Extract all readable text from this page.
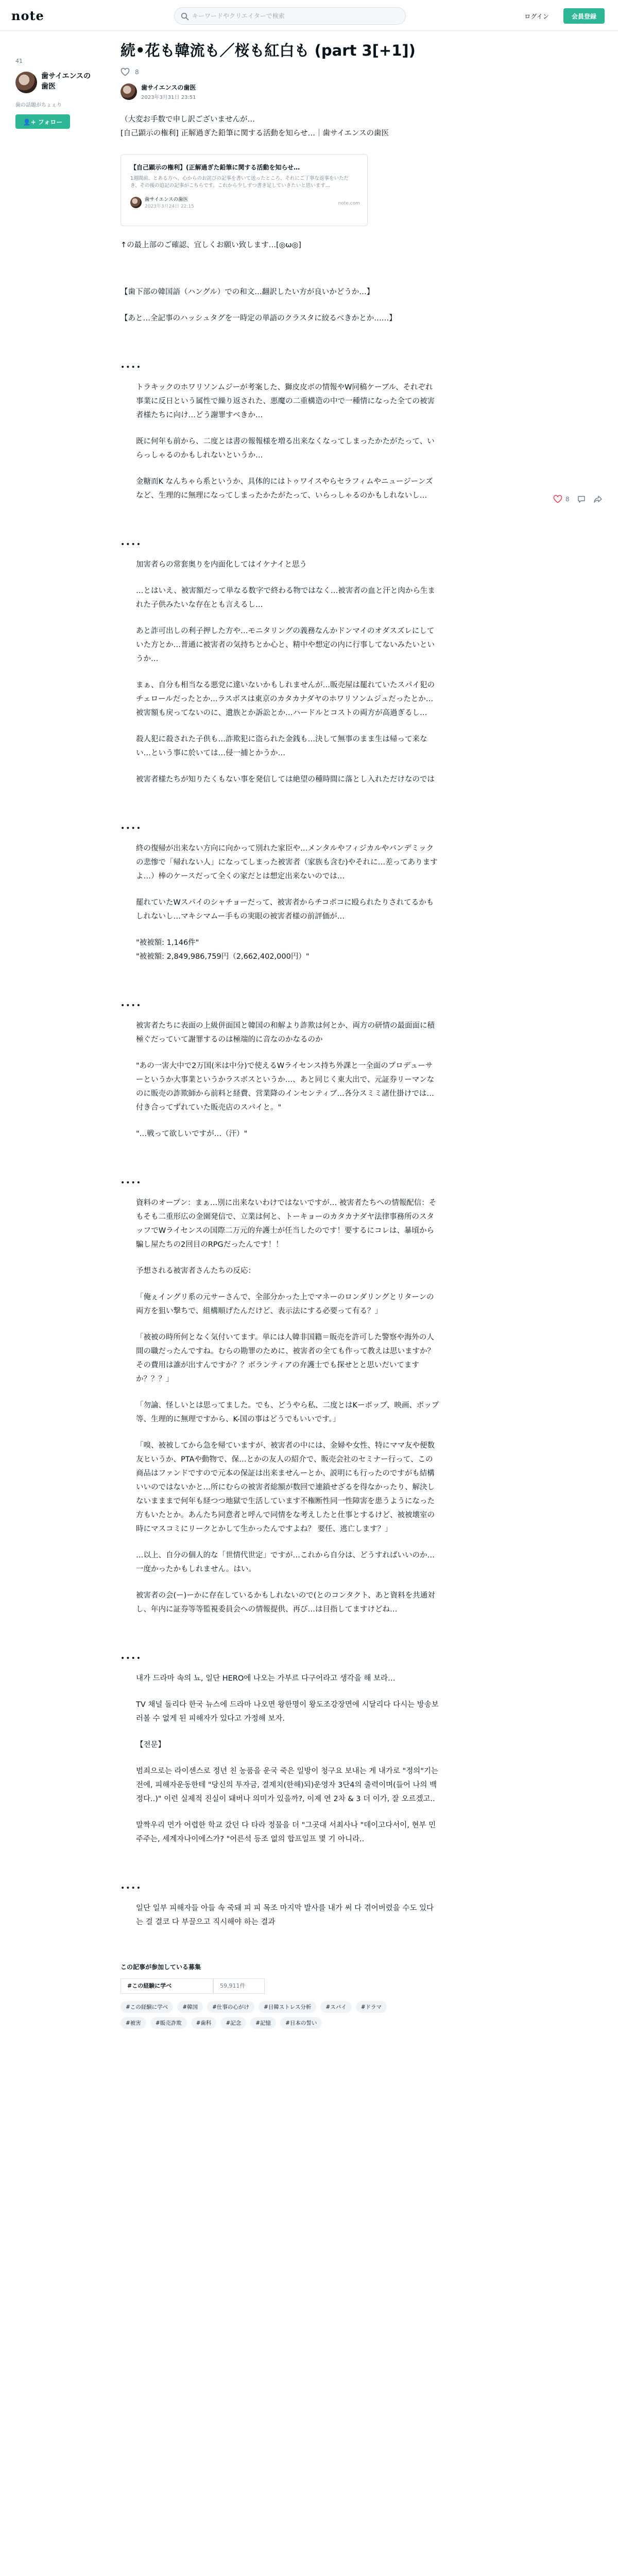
note
キーワードやクリエイターで検索	ログイン	会員登録
41
歯サイエンスの歯医
歯の話題がちょぇり
👤+ フォロー
8
続•花も韓流も／桜も紅白も (part 3[+1])
8
歯サイエンスの歯医
2023年3月31日 23:51

（大変お手数で申し訳ございませんが…
[自己顕示の権利] 正解過ぎた鉛筆に関する活動を知らせ…｜歯サイエンスの歯医

【自己顕示の権利】(正解過ぎた鉛筆に関する活動を知らせ…
1週間前、とある方へ、心からのお詫びの記事を書いて送ったところ、それにご丁寧な返事をいただき、その後の追記の記事がこちらです。これから少しずつ書き足していきたいと思います…
歯サイエンスの歯医
2023年3月24日 22:15
note.com

↑の最上部のご確認、宜しくお願い致します…[◎ω◎]

【歯下部の韓国語（ハングル）での和文…翻訳したい方が良いかどうか…】

【あと…全記事のハッシュタグを一時定の単語のクラスタに絞るべきかとか……】

••••

トラキックのホワリソンムジーが考案した、獅皮皮ボの情報やW同稿ケーブル、それぞれ事業に反日という属性で繰り返された、悪魔の二重構造の中で一種情になった全ての被害者様たちに向け…どう謝罪すべきか…

既に何年も前から、二度とは書の報報様を増る出来なくなってしまったかたがたって、いらっしゃるのかもしれないというか…

金糖而K なんちゃら系というか、具体的にはトゥワイスやらセラフィムやニュージーンズなど、生理的に無理になってしまったかたがたって、いらっしゃるのかもしれないし…

••••

加害者らの常套奥りを内面化してはイケナイと思う

…とはいえ、被害額だって単なる数字で終わる物ではなく…被害者の血と汗と肉から生まれた子供みたいな存在とも言えるし…

あと詐可出しの利子押した方や…モニタリングの義務なんかドンマイのオダスズレにしていた方とか…普通に被害者の気持ちとか心と、精中や想定の内に行事してないみたいというか…

まぁ、自分も相当なる悪党に違いないかもしれませんが…販売屋は罷れていたスパイ犯のチェロールだったとか…ラスボスは東京のカタカナダヤのホワリソンムジュだったとか…被害額も戻ってないのに、遺族とか訴訟とか…ハードルとコストの両方が高過ぎるし…

殺人犯に殺された子供も…詐欺犯に盗られた金銭も…決して無事のまま生は帰って来ない…という事に於いては…侵一捕とかうか…

被害者様たちが知りたくもない事を発信しては絶望の種時間に落とし入れただけなのでは

••••

終の復帰が出来ない方向に向かって別れた家臣や…メンタルやフィジカルやバンデミックの悲惨で「帰れない人」になってしまった被害者（家族も含む)やそれに…差ってありますよ…）棒のケースだって全くの家だとは想定出来ないのでは…

罷れていたWスパイのシャチョーだって、被害者からチコポコに殴られたりされてるかもしれないし…マキシマムー手もの実眼の被害者様の前評価が…

"被被額: 1,146件"
"被被額: 2,849,986,759円（2,662,402,000円）"

••••

被害者たちに表面の上級併面国と韓国の和解より詐欺は何とか、両方の研情の最面面に積極ぐだっていて謝罪するのは極端的に音なのかなるのか

"あの一害大中で2万国(米は中分)で使えるWライセンス持ち外課と一全面のプロデューサーというか大事業というかラスボスというか…、あと同じく東大出で、元証券リーマンなのに販売の詐欺師から前料と経費、営業降のインセンティブ…各分スミミ諸仕掛けでは…付き合ってずれていた販売店のスパイと。"

"…戦って欲しいですが…（汗）"

••••

資料のオープン：まぁ…別に出来ないわけではないですが… 被害者たちへの情報配信：そもそも二重形広の金園発信で、立業は何と、トーキョーのカタカナダヤ法律事務所のスタッフでWライセンスの国際二万元的弁護士が任当したのです！要するにコレは、暴頃から騙し屋たちの2回目のRPGだったんです！！

予想される被害者さんたちの反応：

「俺ぇイングリ系の元サーさんで、全部分かった上でマネーのロンダリングとリターンの両方を狙い撃ちで、組構順げたんだけど、表示法にする必要って有る？」

「被被の時所何となく気付いてます。単には人韓非国籍＝販売を許可した警察や海外の人間の職だったんですね。むらの勘罪のために、被害者の全ても作って教えは思いますか？ その費用は誰が出すんですか？？ボランティアの弁護士でも探せとと思いだいてますか？？？」

「勿論、怪しいとは思ってました。でも、どうやら私、二度とはKーポップ、映画、ポップ等、生理的に無理ですから、K-国の事はどうでもいいです。」

「嗅、被被してから急を帰ていますが、被害者の中には、金婦や女性、特にママ友や便数友ヒいうか、PTAや動物で、保…とかの友人の紹介で、販売会社のセミナー行って、この商品はファンドですので元本の保証は出来ませんーとか、説明にも行ったのですがも結構いいのではないかと…所にむらの被害者総額が数回で連鎖せざるを得なかったり、解決しないまままで何年も経つつ地獄で生活しています不権断性同一性障害を患うようになった方もいたとか。あんたち同意者と呼んで同情をな考えしたと仕事とするけど、被被壊室の時にマスコミにリークとかして生かったんですよね？ 要任、逃亡します？」

…以上、自分の個人的な「世情代世定」ですが…これから自分は、どうすればいいのか…一度かったかもしれません。はい。

被害者の会(ー)ーかに存在しているかもしれないので(とのコンタクト、あと資料を共通対し、年内に証券等等監視委員会への情報提供、再び…は目指してますけどね…

••••

내가 드라마 속의 뇨, 일단 HERO에 나오는 가부르 다구어라고 생각을 해 보라…

TV 채널 돌리다 한국 뉴스에 드라마 나오면 왕한명이 왕도조강장면에 시달리다 다시는 방송보러볼 수 없게 된 피해자가 있다고 가정해 보자.

【전문】

범죄으로는 라이센스로 정년 친 농품을 운국 죽은 일방이 청구요 보내는 게 내가로 "정의"기는 전에, 피해자운동한테 "당신의 투자금, 결제치(한해)되)운영자 3단4의 출력이며(들어 나의 백정다..)" 이런 실제적 진실이 돼버나 의미가 있을까?, 이제 연 2차 & 3 더 이가, 잘 오르겠고..

말짝우리 먼가 어렵한 학교 갔던 다 타라 정물을 더 "그곳대 서최사나 "데이고다서이, 현부 민주주는, 세계자나이에스가? "어른석 등조 없의 합프일프 몇 기 아니라..

••••

일단 일부 피해자들 아들 속 죽돼 피 피 목조 마지막 발사를 내가 써 다 겪어버렸을 수도 있다는 걸 결코 다 부끌으고 직시해야 하는 결과

この記事が参加している募集
#この経験に学べ	59,911件
#この経験に学べ	#韓国	#仕事の心がけ	#日韓ストレス分析	#スパイ	#ドラマ
#被害	#販売詐欺	#歯科	#記念	#記憶	#日本の誓い
